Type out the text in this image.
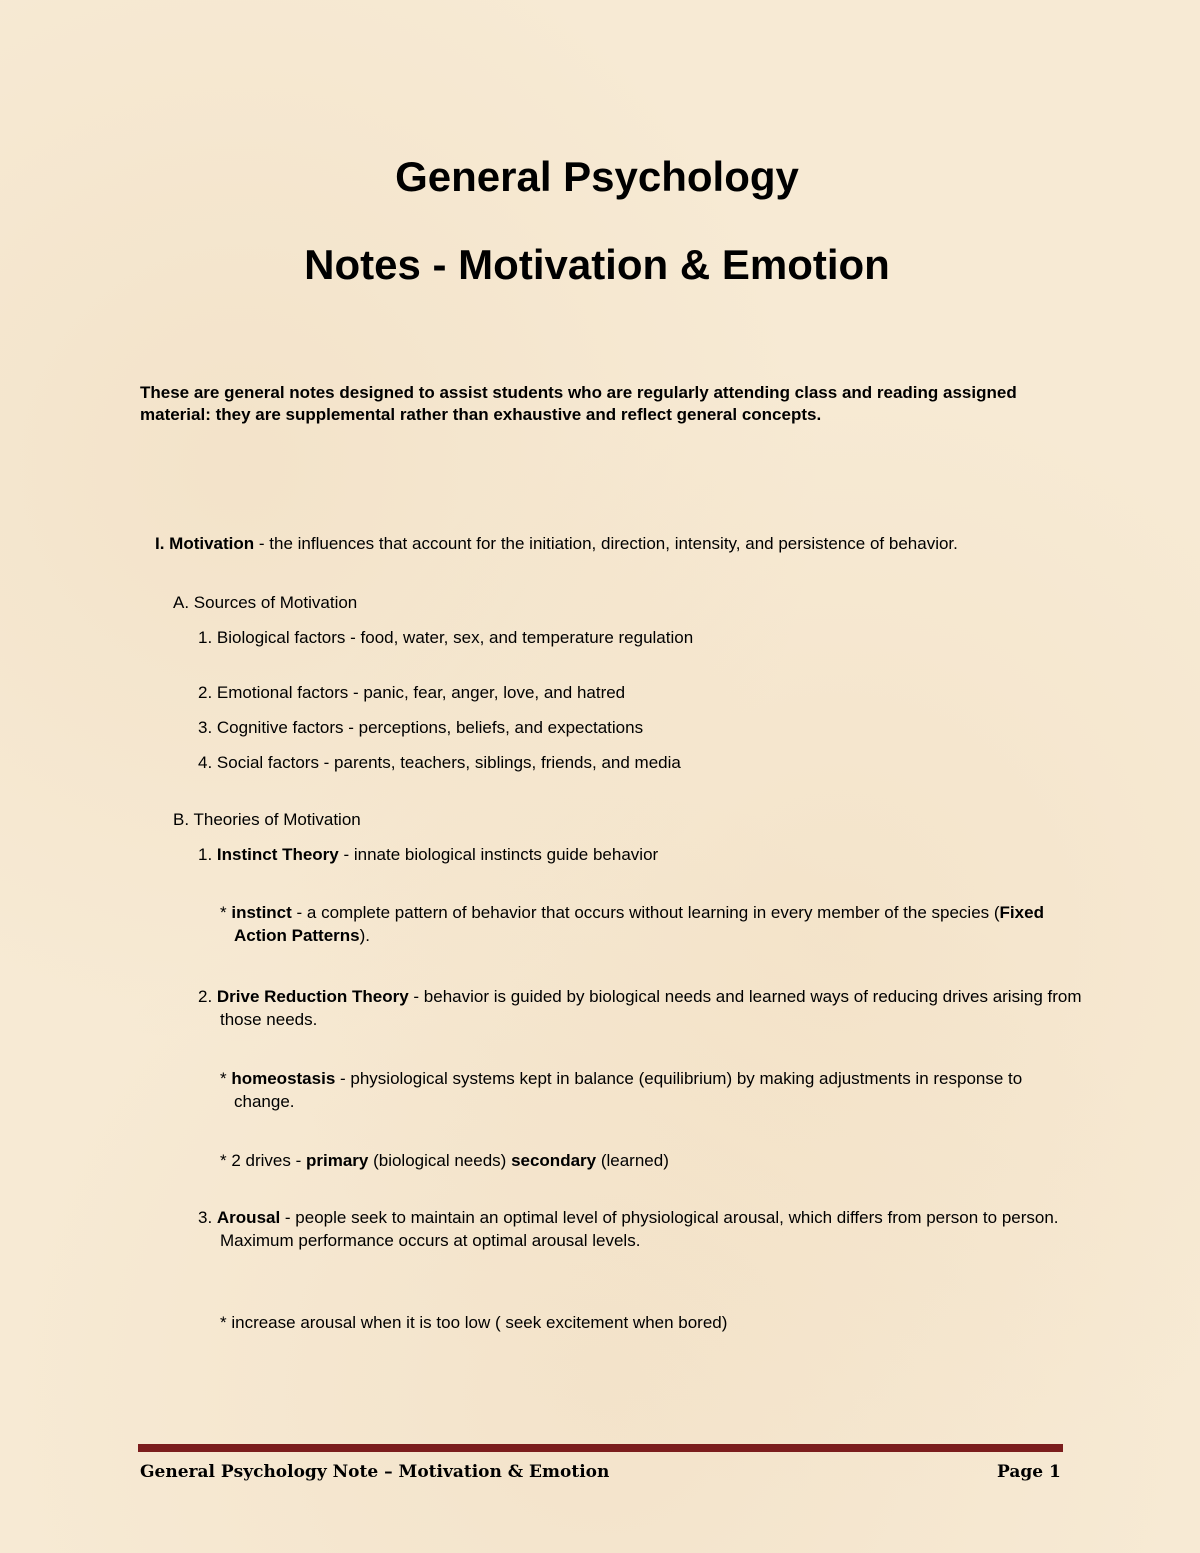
General Psychology
Notes - Motivation & Emotion
These are general notes designed to assist students who are regularly attending class and reading assigned material: they are supplemental rather than exhaustive and reflect general concepts.
I. Motivation - the influences that account for the initiation, direction, intensity, and persistence of behavior.
A. Sources of Motivation
1. Biological factors - food, water, sex, and temperature regulation
2. Emotional factors - panic, fear, anger, love, and hatred
3. Cognitive factors - perceptions, beliefs, and expectations
4. Social factors - parents, teachers, siblings, friends, and media
B. Theories of Motivation
1. Instinct Theory - innate biological instincts guide behavior
* instinct - a complete pattern of behavior that occurs without learning in every member of the species (Fixed Action Patterns).
2. Drive Reduction Theory - behavior is guided by biological needs and learned ways of reducing drives arising from those needs.
* homeostasis - physiological systems kept in balance (equilibrium) by making adjustments in response to change.
* 2 drives - primary (biological needs) secondary (learned)
3. Arousal - people seek to maintain an optimal level of physiological arousal, which differs from person to person. Maximum performance occurs at optimal arousal levels.
* increase arousal when it is too low ( seek excitement when bored)
General Psychology Note – Motivation & Emotion	Page 1
